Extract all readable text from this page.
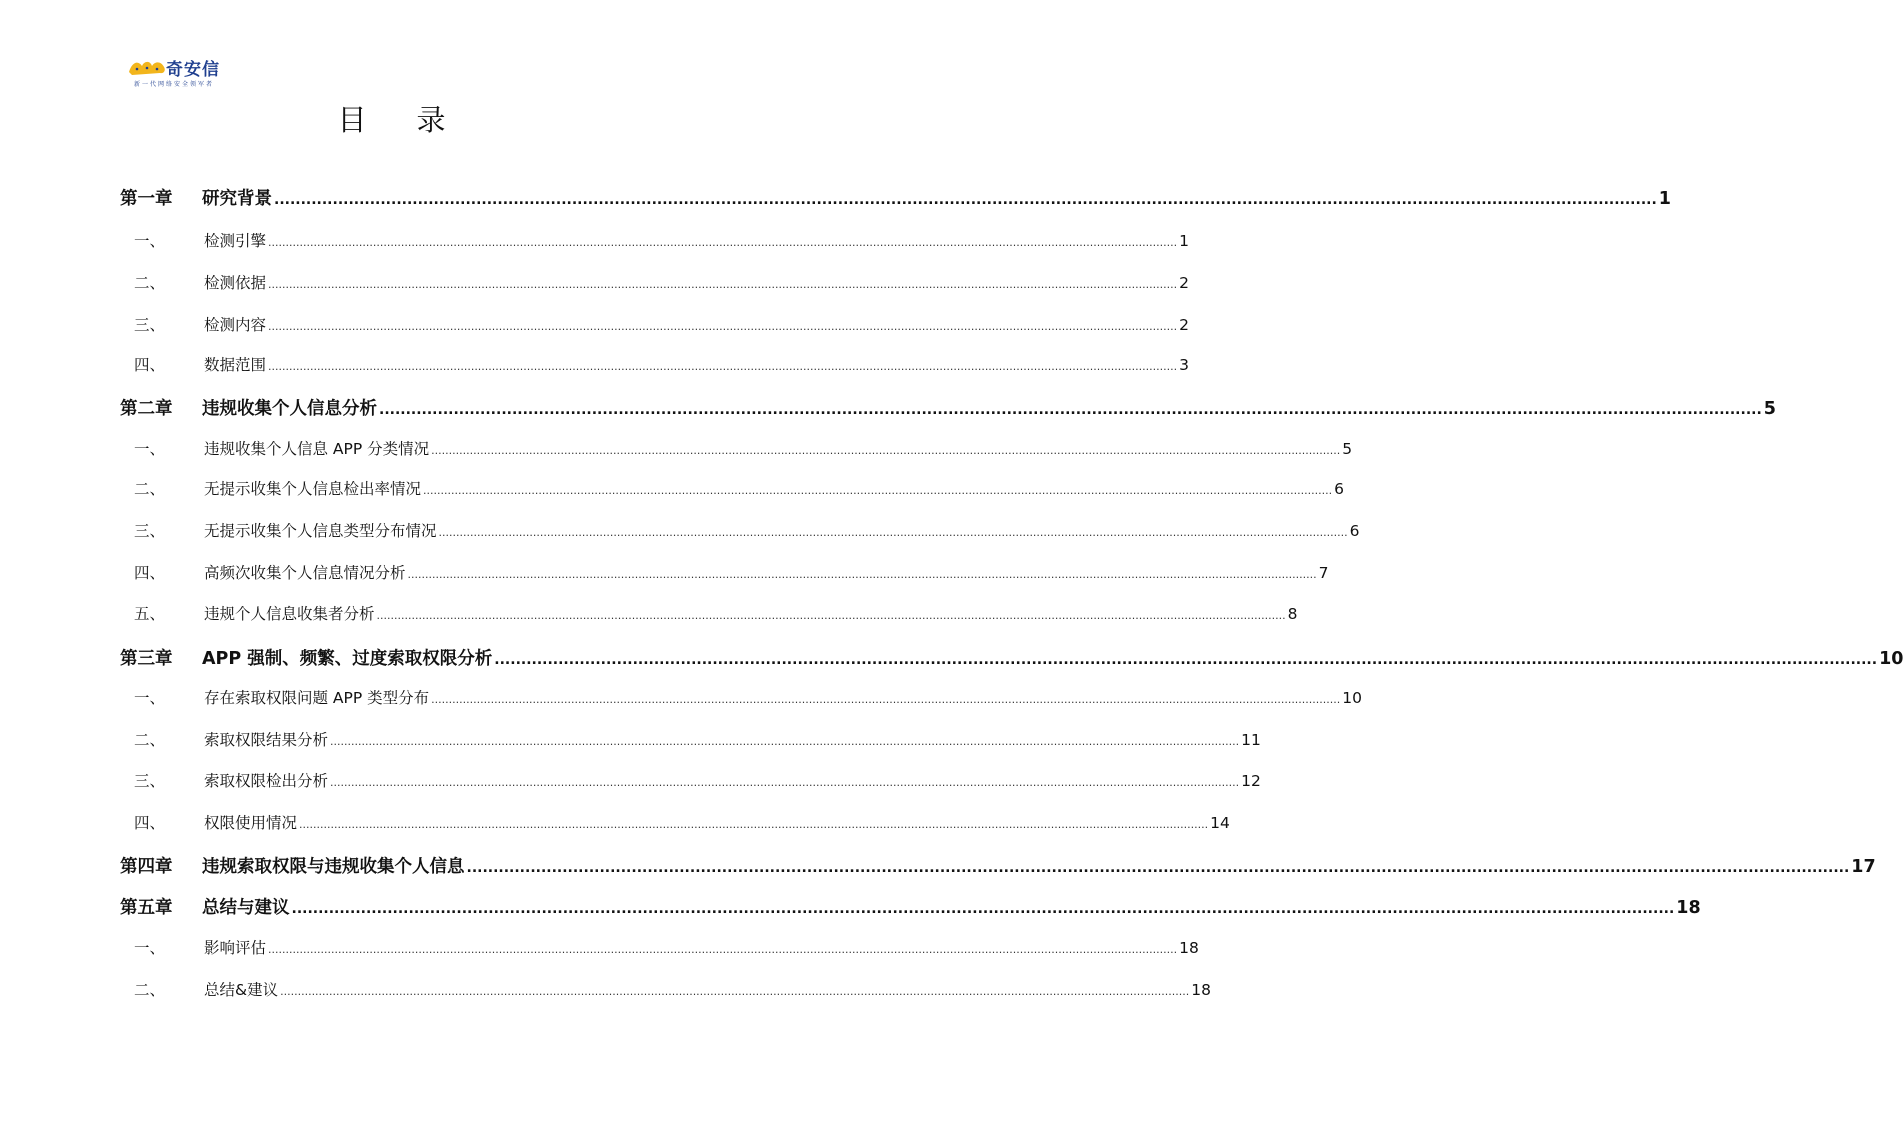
奇安信
新一代网络安全领军者
目录
第一章	研究背景 .................................................................................................................................................................................................................................................................... 1
一、	检测引擎 .................................................................................................................................................................................................................................................................... 1
二、	检测依据 .................................................................................................................................................................................................................................................................... 2
三、	检测内容 .................................................................................................................................................................................................................................................................... 2
四、	数据范围 .................................................................................................................................................................................................................................................................... 3
第二章	违规收集个人信息分析 .................................................................................................................................................................................................................................................................... 5
一、	违规收集个人信息 APP 分类情况 .................................................................................................................................................................................................................................................................... 5
二、	无提示收集个人信息检出率情况 .................................................................................................................................................................................................................................................................... 6
三、	无提示收集个人信息类型分布情况 .................................................................................................................................................................................................................................................................... 6
四、	高频次收集个人信息情况分析 .................................................................................................................................................................................................................................................................... 7
五、	违规个人信息收集者分析 .................................................................................................................................................................................................................................................................... 8
第三章	APP 强制、频繁、过度索取权限分析 .................................................................................................................................................................................................................................................................... 10
一、	存在索取权限问题 APP 类型分布 .................................................................................................................................................................................................................................................................... 10
二、	索取权限结果分析 .................................................................................................................................................................................................................................................................... 11
三、	索取权限检出分析 .................................................................................................................................................................................................................................................................... 12
四、	权限使用情况 .................................................................................................................................................................................................................................................................... 14
第四章	违规索取权限与违规收集个人信息 .................................................................................................................................................................................................................................................................... 17
第五章	总结与建议 .................................................................................................................................................................................................................................................................... 18
一、	影响评估 .................................................................................................................................................................................................................................................................... 18
二、	总结&建议 .................................................................................................................................................................................................................................................................... 18
